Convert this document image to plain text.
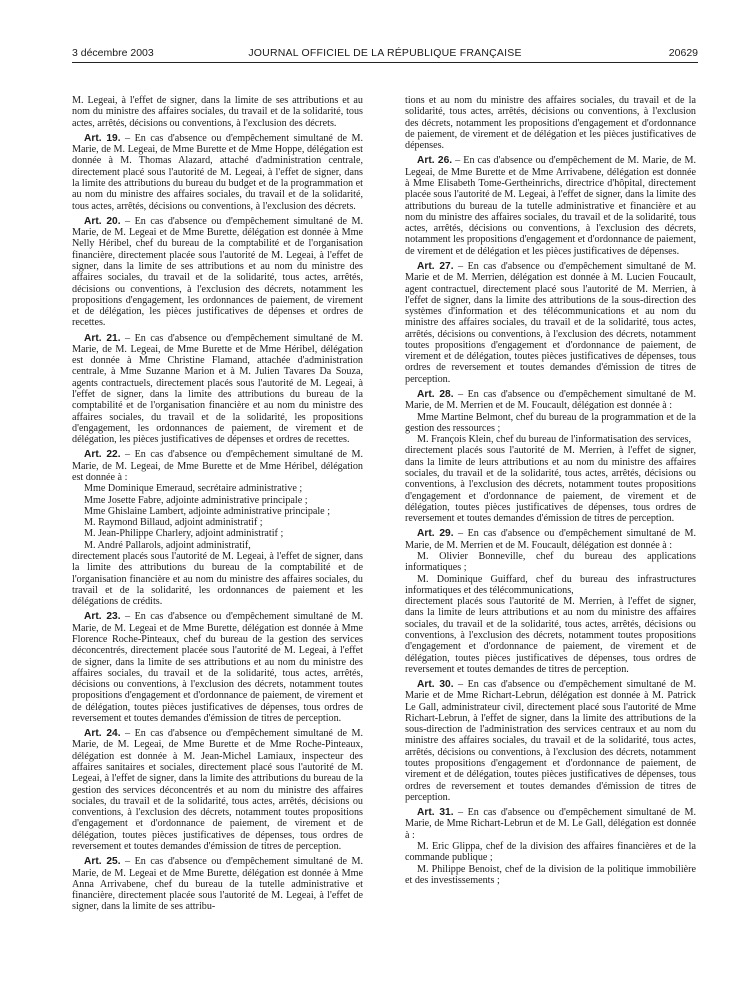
3 décembre 2003	JOURNAL OFFICIEL DE LA RÉPUBLIQUE FRANÇAISE	20629

M. Legeai, à l'effet de signer, dans la limite de ses attributions et au nom du ministre des affaires sociales, du travail et de la solidarité, tous actes, arrêtés, décisions ou conventions, à l'exclusion des décrets.

Art. 19. – En cas d'absence ou d'empêchement simultané de M. Marie, de M. Legeai, de Mme Burette et de Mme Hoppe, délégation est donnée à M. Thomas Alazard, attaché d'administration centrale, directement placé sous l'autorité de M. Legeai, à l'effet de signer, dans la limite des attributions du bureau du budget et de la programmation et au nom du ministre des affaires sociales, du travail et de la solidarité, tous actes, arrêtés, décisions ou conventions, à l'exclusion des décrets.

Art. 20. – En cas d'absence ou d'empêchement simultané de M. Marie, de M. Legeai et de Mme Burette, délégation est donnée à Mme Nelly Héribel, chef du bureau de la comptabilité et de l'organisation financière, directement placée sous l'autorité de M. Legeai, à l'effet de signer, dans la limite de ses attributions et au nom du ministre des affaires sociales, du travail et de la solidarité, tous actes, arrêtés, décisions ou conventions, à l'exclusion des décrets, notamment les propositions d'engagement, les ordonnances de paiement, de virement et de délégation, les pièces justificatives de dépenses et ordres de recettes.

Art. 21. – En cas d'absence ou d'empêchement simultané de M. Marie, de M. Legeai, de Mme Burette et de Mme Héribel, délégation est donnée à Mme Christine Flamand, attachée d'administration centrale, à Mme Suzanne Marion et à M. Julien Tavares Da Souza, agents contractuels, directement placés sous l'autorité de M. Legeai, à l'effet de signer, dans la limite des attributions du bureau de la comptabilité et de l'organisation financière et au nom du ministre des affaires sociales, du travail et de la solidarité, les propositions d'engagement, les ordonnances de paiement, de virement et de délégation, les pièces justificatives de dépenses et ordres de recettes.

Art. 22. – En cas d'absence ou d'empêchement simultané de M. Marie, de M. Legeai, de Mme Burette et de Mme Héribel, délégation est donnée à :

Mme Dominique Emeraud, secrétaire administrative ;

Mme Josette Fabre, adjointe administrative principale ;

Mme Ghislaine Lambert, adjointe administrative principale ;

M. Raymond Billaud, adjoint administratif ;

M. Jean-Philippe Charlery, adjoint administratif ;

M. André Pallarols, adjoint administratif,

directement placés sous l'autorité de M. Legeai, à l'effet de signer, dans la limite des attributions du bureau de la comptabilité et de l'organisation financière et au nom du ministre des affaires sociales, du travail et de la solidarité, les ordonnances de paiement et les délégations de crédits.

Art. 23. – En cas d'absence ou d'empêchement simultané de M. Marie, de M. Legeai et de Mme Burette, délégation est donnée à Mme Florence Roche-Pinteaux, chef du bureau de la gestion des services déconcentrés, directement placée sous l'autorité de M. Legeai, à l'effet de signer, dans la limite de ses attributions et au nom du ministre des affaires sociales, du travail et de la solidarité, tous actes, arrêtés, décisions ou conventions, à l'exclusion des décrets, notamment toutes propositions d'engagement et d'ordonnance de paiement, de virement et de délégation, toutes pièces justificatives de dépenses, tous ordres de reversement et toutes demandes d'émission de titres de perception.

Art. 24. – En cas d'absence ou d'empêchement simultané de M. Marie, de M. Legeai, de Mme Burette et de Mme Roche-Pinteaux, délégation est donnée à M. Jean-Michel Lamiaux, inspecteur des affaires sanitaires et sociales, directement placé sous l'autorité de M. Legeai, à l'effet de signer, dans la limite des attributions du bureau de la gestion des services déconcentrés et au nom du ministre des affaires sociales, du travail et de la solidarité, tous actes, arrêtés, décisions ou conventions, à l'exclusion des décrets, notamment toutes propositions d'engagement et d'ordonnance de paiement, de virement et de délégation, toutes pièces justificatives de dépenses, tous ordres de reversement et toutes demandes d'émission de titres de perception.

Art. 25. – En cas d'absence ou d'empêchement simultané de M. Marie, de M. Legeai et de Mme Burette, délégation est donnée à Mme Anna Arrivabene, chef du bureau de la tutelle administrative et financière, directement placée sous l'autorité de M. Legeai, à l'effet de signer, dans la limite de ses attribu-

tions et au nom du ministre des affaires sociales, du travail et de la solidarité, tous actes, arrêtés, décisions ou conventions, à l'exclusion des décrets, notamment les propositions d'engagement et d'ordonnance de paiement, de virement et de délégation et les pièces justificatives de dépenses.

Art. 26. – En cas d'absence ou d'empêchement de M. Marie, de M. Legeai, de Mme Burette et de Mme Arrivabene, délégation est donnée à Mme Elisabeth Tome-Gertheinrichs, directrice d'hôpital, directement placée sous l'autorité de M. Legeai, à l'effet de signer, dans la limite des attributions du bureau de la tutelle administrative et financière et au nom du ministre des affaires sociales, du travail et de la solidarité, tous actes, arrêtés, décisions ou conventions, à l'exclusion des décrets, notamment les propositions d'engagement et d'ordonnance de paiement, de virement et de délégation et les pièces justificatives de dépenses.

Art. 27. – En cas d'absence ou d'empêchement simultané de M. Marie et de M. Merrien, délégation est donnée à M. Lucien Foucault, agent contractuel, directement placé sous l'autorité de M. Merrien, à l'effet de signer, dans la limite des attributions de la sous-direction des systèmes d'information et des télécommunications et au nom du ministre des affaires sociales, du travail et de la solidarité, tous actes, arrêtés, décisions ou conventions, à l'exclusion des décrets, notamment toutes propositions d'engagement et d'ordonnance de paiement, de virement et de délégation, toutes pièces justificatives de dépenses, tous ordres de reversement et toutes demandes d'émission de titres de perception.

Art. 28. – En cas d'absence ou d'empêchement simultané de M. Marie, de M. Merrien et de M. Foucault, délégation est donnée à :

Mme Martine Belmont, chef du bureau de la programmation et de la gestion des ressources ;

M. François Klein, chef du bureau de l'informatisation des services,

directement placés sous l'autorité de M. Merrien, à l'effet de signer, dans la limite de leurs attributions et au nom du ministre des affaires sociales, du travail et de la solidarité, tous actes, arrêtés, décisions ou conventions, à l'exclusion des décrets, notamment toutes propositions d'engagement et d'ordonnance de paiement, de virement et de délégation, toutes pièces justificatives de dépenses, tous ordres de reversement et toutes demandes d'émission de titres de perception.

Art. 29. – En cas d'absence ou d'empêchement simultané de M. Marie, de M. Merrien et de M. Foucault, délégation est donnée à :

M. Olivier Bonneville, chef du bureau des applications informatiques ;

M. Dominique Guiffard, chef du bureau des infrastructures informatiques et des télécommunications,

directement placés sous l'autorité de M. Merrien, à l'effet de signer, dans la limite de leurs attributions et au nom du ministre des affaires sociales, du travail et de la solidarité, tous actes, arrêtés, décisions ou conventions, à l'exclusion des décrets, notamment toutes propositions d'engagement et d'ordonnance de paiement, de virement et de délégation, toutes pièces justificatives de dépenses, tous ordres de reversement et toutes demandes de titres de perception.

Art. 30. – En cas d'absence ou d'empêchement simultané de M. Marie et de Mme Richart-Lebrun, délégation est donnée à M. Patrick Le Gall, administrateur civil, directement placé sous l'autorité de Mme Richart-Lebrun, à l'effet de signer, dans la limite des attributions de la sous-direction de l'administration des services centraux et au nom du ministre des affaires sociales, du travail et de la solidarité, tous actes, arrêtés, décisions ou conventions, à l'exclusion des décrets, notamment toutes propositions d'engagement et d'ordonnance de paiement, de virement et de délégation, toutes pièces justificatives de dépenses, tous ordres de reversement et toutes demandes d'émission de titres de perception.

Art. 31. – En cas d'absence ou d'empêchement simultané de M. Marie, de Mme Richart-Lebrun et de M. Le Gall, délégation est donnée à :

M. Eric Glippa, chef de la division des affaires financières et de la commande publique ;

M. Philippe Benoist, chef de la division de la politique immobilière et des investissements ;
